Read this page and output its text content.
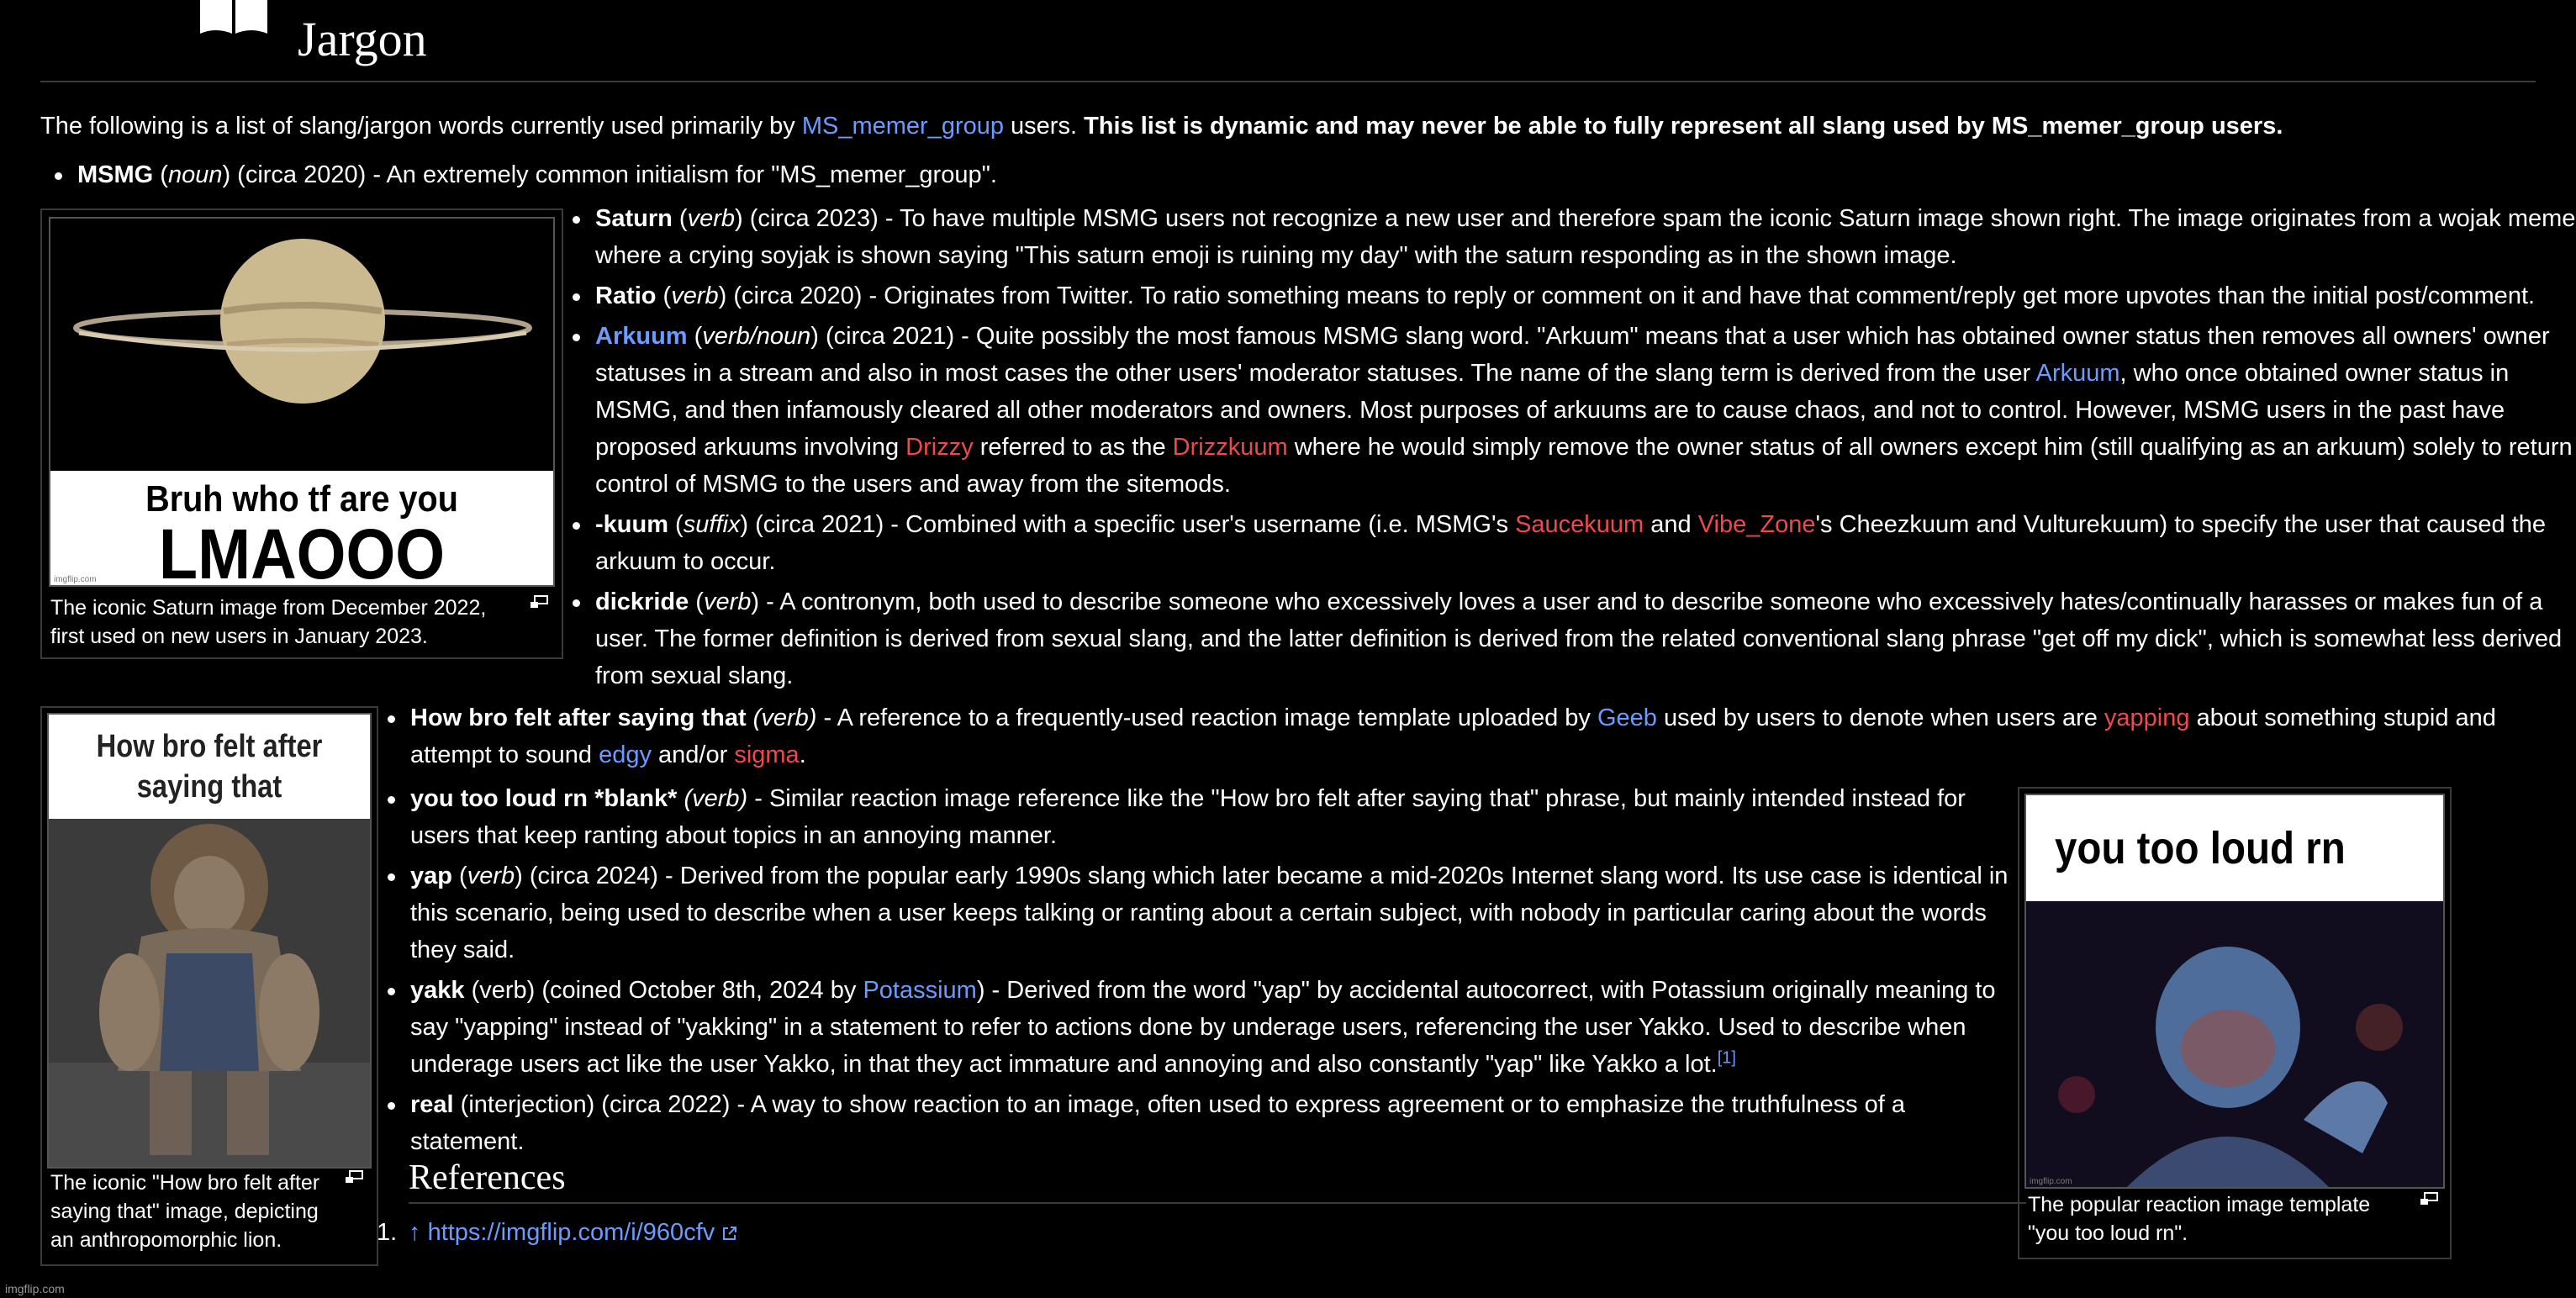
Jargon
The following is a list of slang/jargon words currently used primarily by MS_memer_group users. This list is dynamic and may never be able to fully represent all slang used by MS_memer_group users.
MSMG (noun) (circa 2020) - An extremely common initialism for "MS_memer_group".
Bruh who tf are you
LMAOOO
imgflip.com
The iconic Saturn image from December 2022, first used on new users in January 2023.
Saturn (verb) (circa 2023) - To have multiple MSMG users not recognize a new user and therefore spam the iconic Saturn image shown right. The image originates from a wojak meme where a crying soyjak is shown saying "This saturn emoji is ruining my day" with the saturn responding as in the shown image.
Ratio (verb) (circa 2020) - Originates from Twitter. To ratio something means to reply or comment on it and have that comment/reply get more upvotes than the initial post/comment.
Arkuum (verb/noun) (circa 2021) - Quite possibly the most famous MSMG slang word. "Arkuum" means that a user which has obtained owner status then removes all owners' owner statuses in a stream and also in most cases the other users' moderator statuses. The name of the slang term is derived from the user Arkuum, who once obtained owner status in MSMG, and then infamously cleared all other moderators and owners. Most purposes of arkuums are to cause chaos, and not to control. However, MSMG users in the past have proposed arkuums involving Drizzy referred to as the Drizzkuum where he would simply remove the owner status of all owners except him (still qualifying as an arkuum) solely to return control of MSMG to the users and away from the sitemods.
-kuum (suffix) (circa 2021) - Combined with a specific user's username (i.e. MSMG's Saucekuum and Vibe_Zone's Cheezkuum and Vulturekuum) to specify the user that caused the arkuum to occur.
dickride (verb) - A contronym, both used to describe someone who excessively loves a user and to describe someone who excessively hates/continually harasses or makes fun of a user. The former definition is derived from sexual slang, and the latter definition is derived from the related conventional slang phrase "get off my dick", which is somewhat less derived from sexual slang.
How bro felt after
saying that
The iconic "How bro felt after saying that" image, depicting an anthropomorphic lion.
How bro felt after saying that (verb) - A reference to a frequently-used reaction image template uploaded by Geeb used by users to denote when users are yapping about something stupid and attempt to sound edgy and/or sigma.
you too loud rn
imgflip.com
The popular reaction image template "you too loud rn".
you too loud rn *blank* (verb) - Similar reaction image reference like the "How bro felt after saying that" phrase, but mainly intended instead for users that keep ranting about topics in an annoying manner.
yap (verb) (circa 2024) - Derived from the popular early 1990s slang which later became a mid-2020s Internet slang word. Its use case is identical in this scenario, being used to describe when a user keeps talking or ranting about a certain subject, with nobody in particular caring about the words they said.
yakk (verb) (coined October 8th, 2024 by Potassium) - Derived from the word "yap" by accidental autocorrect, with Potassium originally meaning to say "yapping" instead of "yakking" in a statement to refer to actions done by underage users, referencing the user Yakko. Used to describe when underage users act like the user Yakko, in that they act immature and annoying and also constantly "yap" like Yakko a lot.[1]
real (interjection) (circa 2022) - A way to show reaction to an image, often used to express agreement or to emphasize the truthfulness of a statement.
References
1. ↑ https://imgflip.com/i/960cfv
imgflip.com
